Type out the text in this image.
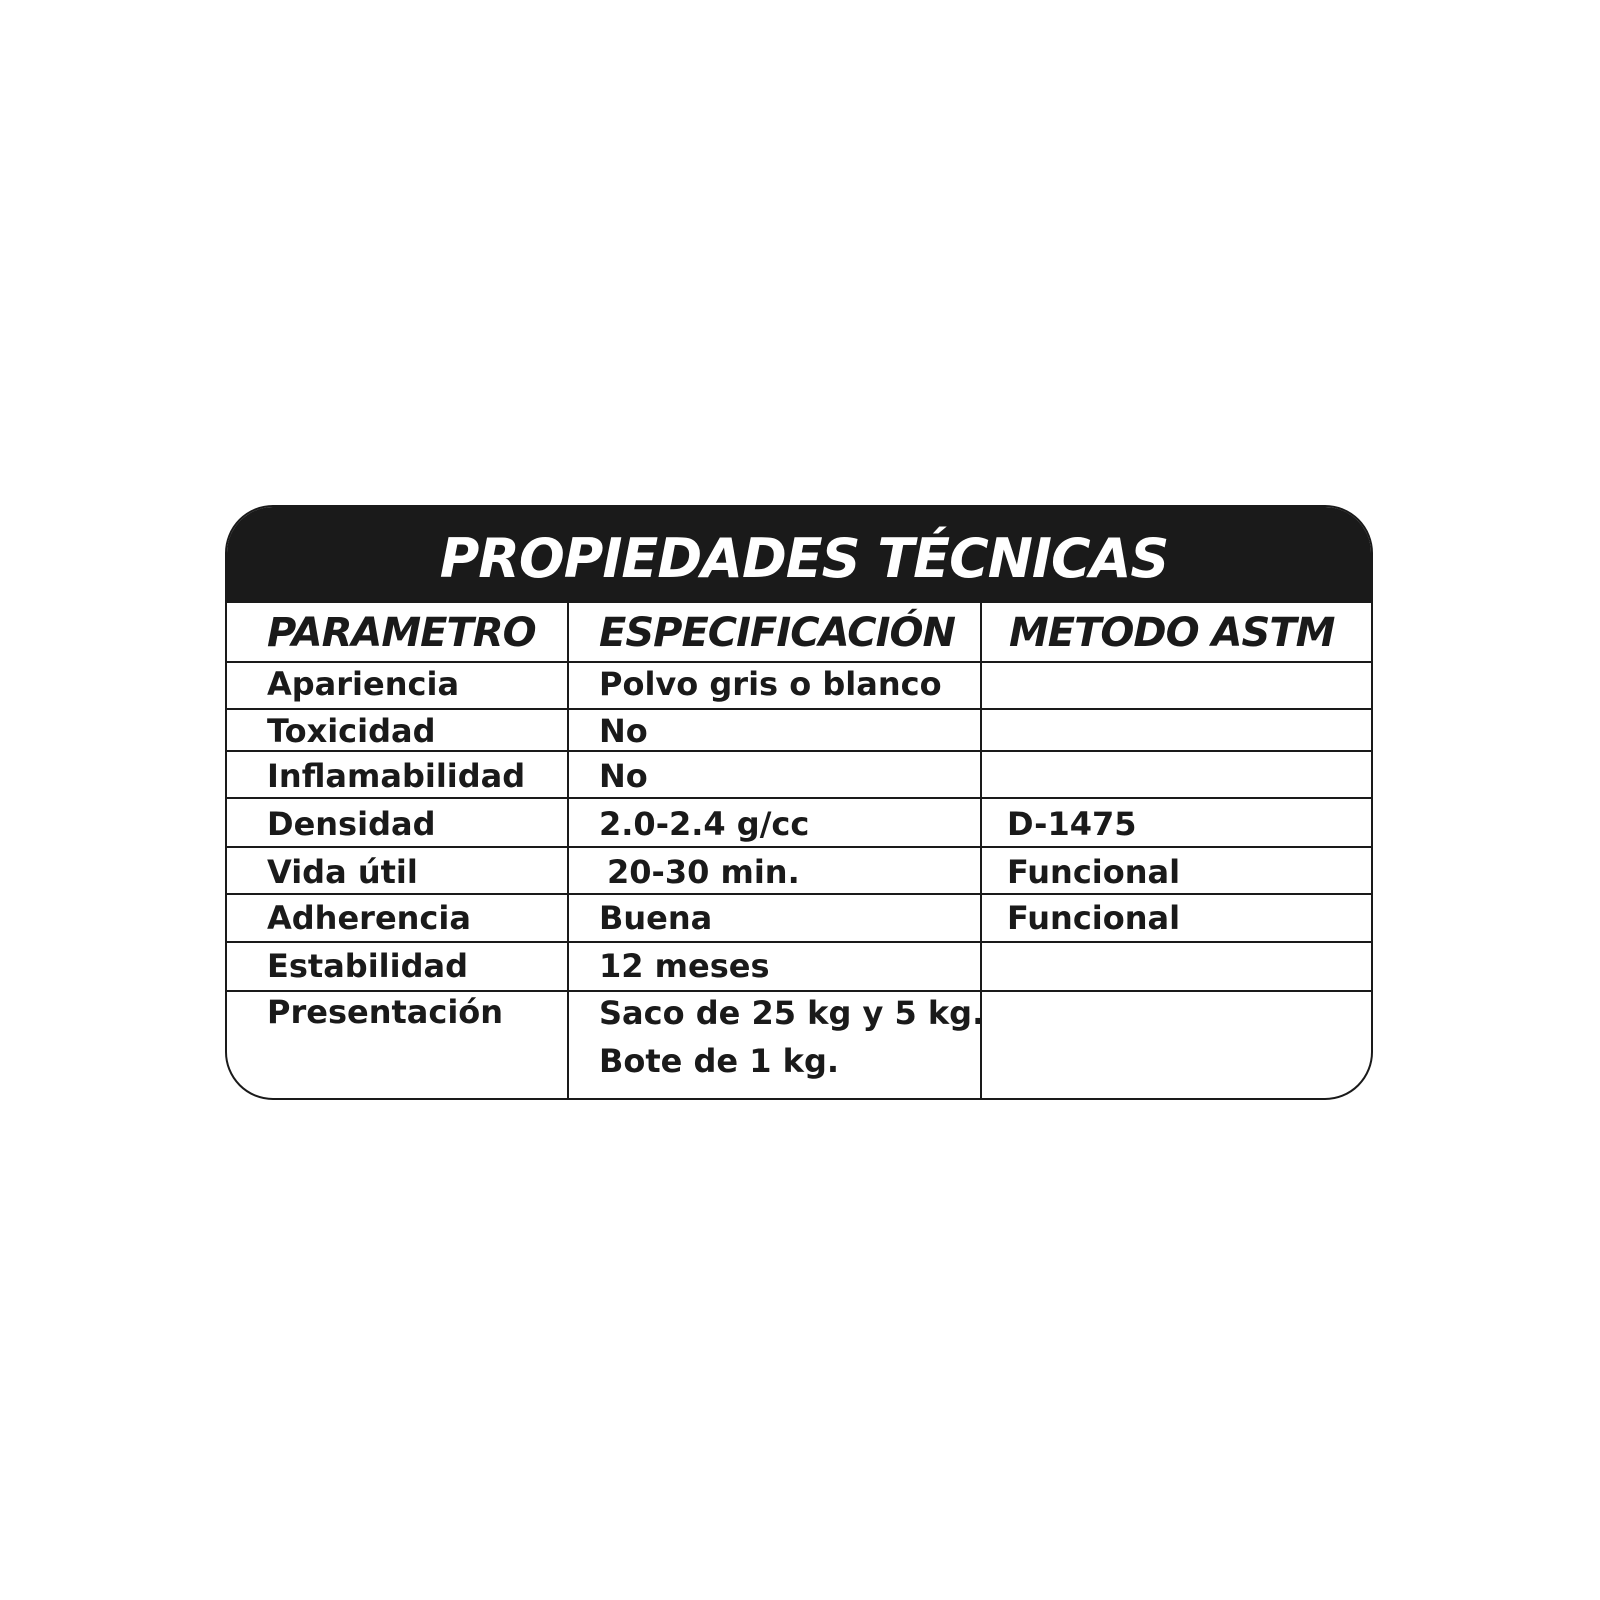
PROPIEDADES TÉCNICAS
PARAMETRO ESPECIFICACIÓN METODO ASTM
Apariencia	Polvo gris o blanco
Toxicidad	No
Inflamabilidad No
Densidad	2.0-2.4 g/cc	D-1475
Vida útil	20-30 min.	Funcional
Adherencia	Buena	Funcional
Estabilidad	12 meses
Presentación	Saco de 25 kg y 5 kg.
Bote de 1 kg.
